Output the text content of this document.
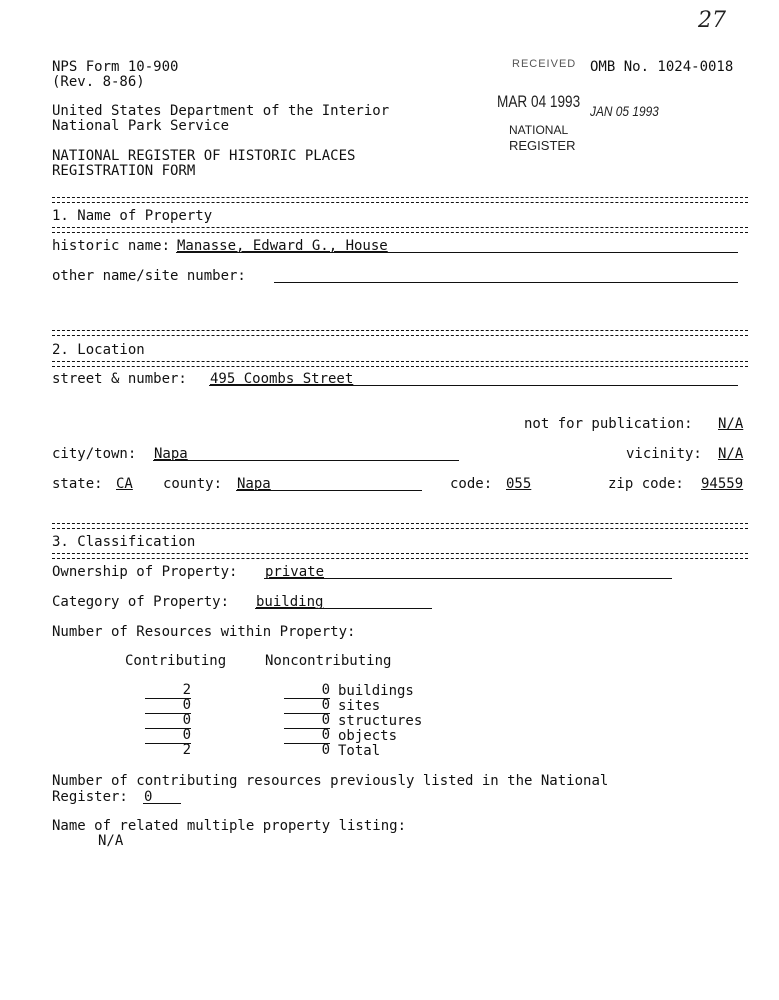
27
NPS Form 10-900
(Rev. 8-86)
OMB No. 1024-0018
United States Department of the Interior
National Park Service
NATIONAL REGISTER OF HISTORIC PLACES
REGISTRATION FORM
RECEIVED
MAR 04 1993 JAN 05 1993
NATIONAL
REGISTER
1. Name of Property
historic name: Manasse, Edward G., House
other name/site number:
2. Location
street & number: 495 Coombs Street
not for publication: N/A
city/town: Napa	vicinity: N/A
state: CA county: Napa	code: 055	zip code: 94559
3. Classification
Ownership of Property: private
Category of Property: building
Number of Resources within Property:
Contributing	Noncontributing
2	0 buildings
0	0 sites
0	0 structures
0	0 objects
2	0 Total
Number of contributing resources previously listed in the National
Register: 0
Name of related multiple property listing:
N/A
